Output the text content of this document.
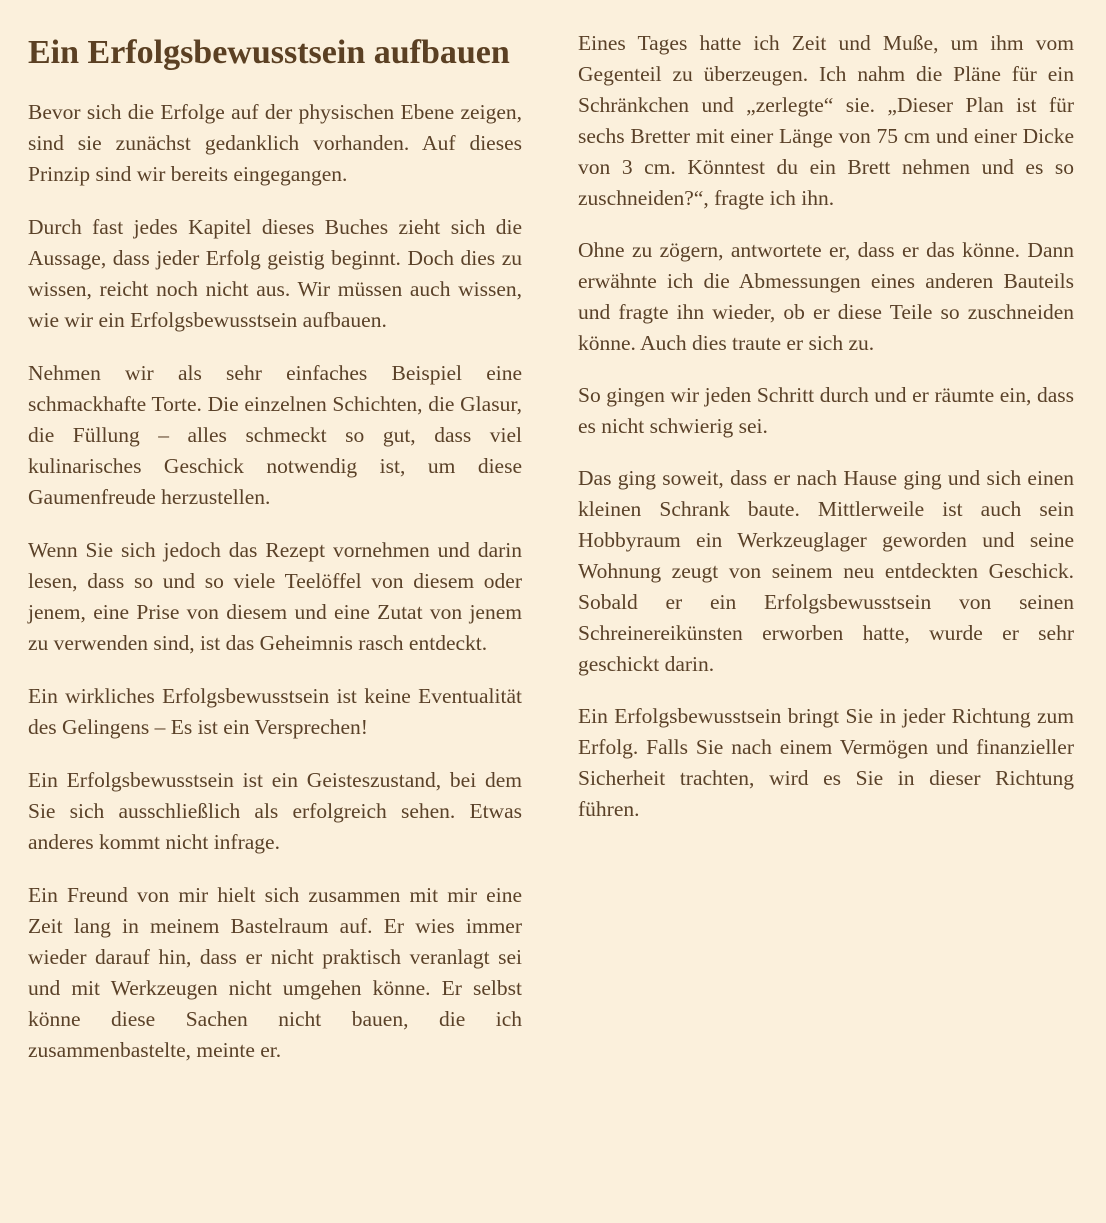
Ein Erfolgsbewusstsein aufbauen

Bevor sich die Erfolge auf der physischen Ebene zeigen, sind sie zunächst gedanklich vorhanden. Auf dieses Prinzip sind wir bereits eingegangen.

Durch fast jedes Kapitel dieses Buches zieht sich die Aussage, dass jeder Erfolg geistig beginnt. Doch dies zu wissen, reicht noch nicht aus. Wir müssen auch wissen, wie wir ein Erfolgsbewusstsein aufbauen.

Nehmen wir als sehr einfaches Beispiel eine schmackhafte Torte. Die einzelnen Schichten, die Glasur, die Füllung – alles schmeckt so gut, dass viel kulinarisches Geschick notwendig ist, um diese Gaumenfreude herzustellen.

Wenn Sie sich jedoch das Rezept vornehmen und darin lesen, dass so und so viele Teelöffel von diesem oder jenem, eine Prise von diesem und eine Zutat von jenem zu verwenden sind, ist das Geheimnis rasch entdeckt.

Ein wirkliches Erfolgsbewusstsein ist keine Eventualität des Gelingens – Es ist ein Versprechen!

Ein Erfolgsbewusstsein ist ein Geisteszustand, bei dem Sie sich ausschließlich als erfolgreich sehen. Etwas anderes kommt nicht infrage.

Ein Freund von mir hielt sich zusammen mit mir eine Zeit lang in meinem Bastelraum auf. Er wies immer wieder darauf hin, dass er nicht praktisch veranlagt sei und mit Werkzeugen nicht umgehen könne. Er selbst könne diese Sachen nicht bauen, die ich zusammenbastelte, meinte er.

Eines Tages hatte ich Zeit und Muße, um ihm vom Gegenteil zu überzeugen. Ich nahm die Pläne für ein Schränkchen und „zerlegte“ sie. „Dieser Plan ist für sechs Bretter mit einer Länge von 75 cm und einer Dicke von 3 cm. Könntest du ein Brett nehmen und es so zuschneiden?“, fragte ich ihn.

Ohne zu zögern, antwortete er, dass er das könne. Dann erwähnte ich die Abmessungen eines anderen Bauteils und fragte ihn wieder, ob er diese Teile so zuschneiden könne. Auch dies traute er sich zu.

So gingen wir jeden Schritt durch und er räumte ein, dass es nicht schwierig sei.

Das ging soweit, dass er nach Hause ging und sich einen kleinen Schrank baute. Mittlerweile ist auch sein Hobbyraum ein Werkzeuglager geworden und seine Wohnung zeugt von seinem neu entdeckten Geschick. Sobald er ein Erfolgsbewusstsein von seinen Schreinereikünsten erworben hatte, wurde er sehr geschickt darin.

Ein Erfolgsbewusstsein bringt Sie in jeder Richtung zum Erfolg. Falls Sie nach einem Vermögen und finanzieller Sicherheit trachten, wird es Sie in dieser Richtung führen.
